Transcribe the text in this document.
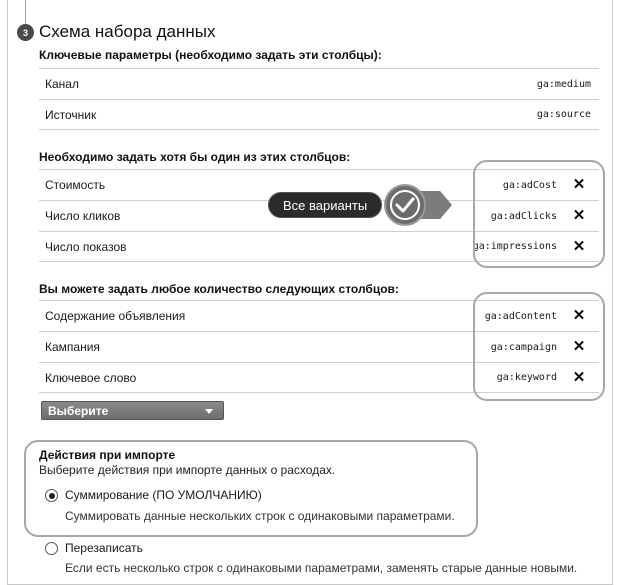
3 Схема набора данных
Ключевые параметры (необходимо задать эти столбцы):
Канал	ga:medium
Источник	ga:source
Необходимо задать хотя бы один из этих столбцов:
Стоимость	ga:adCost ✕
Число кликов	ga:adClicks ✕
Число показов	ga:impressions ✕
Все варианты
Вы можете задать любое количество следующих столбцов:
Содержание объявления	ga:adContent ✕
Кампания	ga:campaign ✕
Ключевое слово	ga:keyword ✕
Выберите
Действия при импорте
Выберите действия при импорте данных о расходах.
Суммирование (ПО УМОЛЧАНИЮ)
Суммировать данные нескольких строк с одинаковыми параметрами.
Перезаписать
Если есть несколько строк с одинаковыми параметрами, заменять старые данные новыми.
